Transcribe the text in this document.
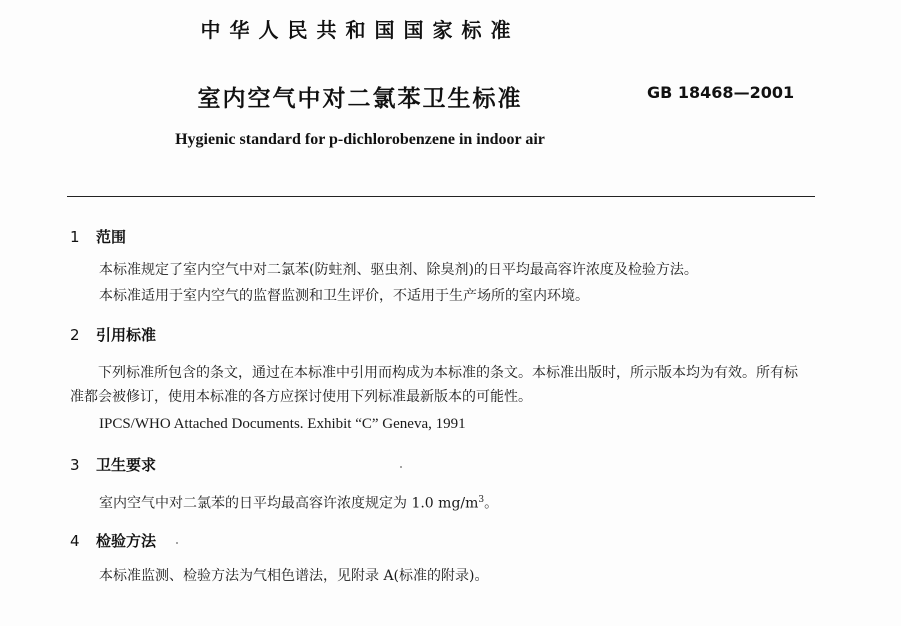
中华人民共和国国家标准
室内空气中对二氯苯卫生标准	GB 18468—2001
Hygienic standard for p-dichlorobenzene in indoor air
1 范围
本标准规定了室内空气中对二氯苯(防蛀剂、驱虫剂、除臭剂)的日平均最高容许浓度及检验方法。
本标准适用于室内空气的监督监测和卫生评价，不适用于生产场所的室内环境。
2 引用标准
下列标准所包含的条文，通过在本标准中引用而构成为本标准的条文。本标准出版时，所示版本均为有效。所有标准都会被修订，使用本标准的各方应探讨使用下列标准最新版本的可能性。
IPCS/WHO Attached Documents. Exhibit “C” Geneva, 1991
3 卫生要求
室内空气中对二氯苯的日平均最高容许浓度规定为 1.0 $mg/m^3$。
4 检验方法
本标准监测、检验方法为气相色谱法，见附录 A(标准的附录)。
